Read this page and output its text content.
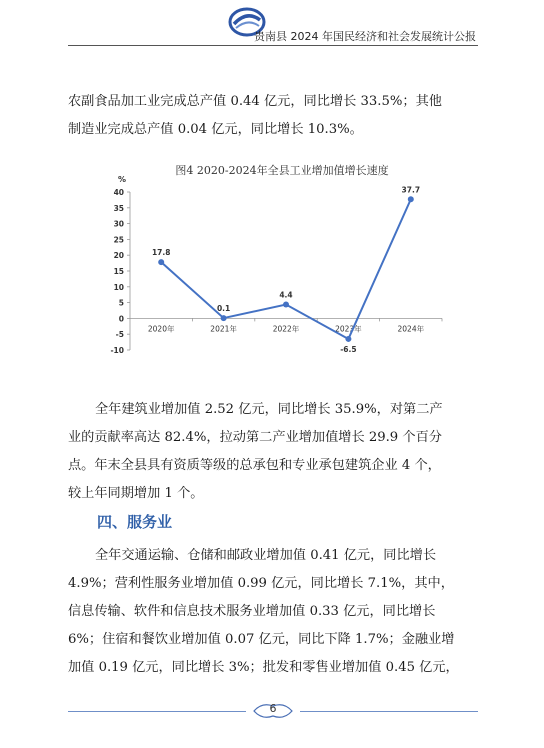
贵南县 2024 年国民经济和社会发展统计公报
农副食品加工业完成总产值 0.44 亿元，同比增长 33.5%；其他
制造业完成总产值 0.04 亿元，同比增长 10.3%。
图4 2020-2024年全县工业增加值增长速度
%
-10
-5
0
5
10
15
20
25
30
35
40
2020年	2021年	2022年	2023年	2024年
17.8
0.1
4.4
-6.5
37.7
全年建筑业增加值 2.52 亿元，同比增长 35.9%，对第二产
业的贡献率高达 82.4%，拉动第二产业增加值增长 29.9 个百分
点。年末全县具有资质等级的总承包和专业承包建筑企业 4 个，
较上年同期增加 1 个。
四、服务业
全年交通运输、仓储和邮政业增加值 0.41 亿元，同比增长
4.9%；营利性服务业增加值 0.99 亿元，同比增长 7.1%，其中，
信息传输、软件和信息技术服务业增加值 0.33 亿元，同比增长
6%；住宿和餐饮业增加值 0.07 亿元，同比下降 1.7%；金融业增
加值 0.19 亿元，同比增长 3%；批发和零售业增加值 0.45 亿元，
6
